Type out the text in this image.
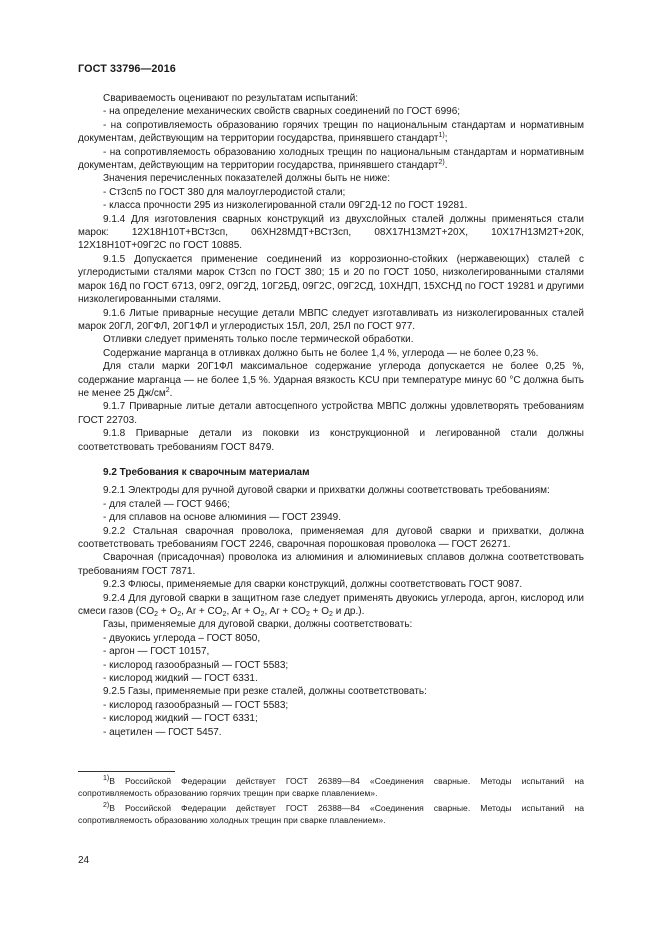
ГОСТ 33796—2016

Свариваемость оценивают по результатам испытаний:

- на определение механических свойств сварных соединений по ГОСТ 6996;

- на сопротивляемость образованию горячих трещин по национальным стандартам и нормативным документам, действующим на территории государства, принявшего стандарт$^{1)}$;

- на сопротивляемость образованию холодных трещин по национальным стандартам и нормативным документам, действующим на территории государства, принявшего стандарт$^{2)}$.

Значения перечисленных показателей должны быть не ниже:

- Ст3сп5 по ГОСТ 380 для малоуглеродистой стали;

- класса прочности 295 из низколегированной стали 09Г2Д-12 по ГОСТ 19281.

9.1.4 Для изготовления сварных конструкций из двухслойных сталей должны применяться стали марок: 12Х18Н10Т+ВСт3сп, 06ХН28МДТ+ВСт3сп, 08Х17Н13М2Т+20Х, 10Х17Н13М2Т+20К, 12Х18Н10Т+09Г2С по ГОСТ 10885.

9.1.5 Допускается применение соединений из коррозионно-стойких (нержавеющих) сталей с углеродистыми сталями марок Ст3сп по ГОСТ 380; 15 и 20 по ГОСТ 1050, низколегированными сталями марок 16Д по ГОСТ 6713, 09Г2, 09Г2Д, 10Г2БД, 09Г2С, 09Г2СД, 10ХНДП, 15ХСНД по ГОСТ 19281 и другими низколегированными сталями.

9.1.6 Литые приварные несущие детали МВПС следует изготавливать из низколегированных сталей марок 20ГЛ, 20ГФЛ, 20Г1ФЛ и углеродистых 15Л, 20Л, 25Л по ГОСТ 977.

Отливки следует применять только после термической обработки.

Содержание марганца в отливках должно быть не более 1,4 %, углерода — не более 0,23 %.

Для стали марки 20Г1ФЛ максимальное содержание углерода допускается не более 0,25 %, содержание марганца — не более 1,5 %. Ударная вязкость KCU при температуре минус 60 °С должна быть не менее 25 $Дж/см^2$.

9.1.7 Приварные литые детали автосцепного устройства МВПС должны удовлетворять требованиям ГОСТ 22703.

9.1.8 Приварные детали из поковки из конструкционной и легированной стали должны соответствовать требованиям ГОСТ 8479.

9.2 Требования к сварочным материалам

9.2.1 Электроды для ручной дуговой сварки и прихватки должны соответствовать требованиям:

- для сталей — ГОСТ 9466;

- для сплавов на основе алюминия — ГОСТ 23949.

9.2.2 Стальная сварочная проволока, применяемая для дуговой сварки и прихватки, должна соответствовать требованиям ГОСТ 2246, сварочная порошковая проволока — ГОСТ 26271.

Сварочная (присадочная) проволока из алюминия и алюминиевых сплавов должна соответствовать требованиям ГОСТ 7871.

9.2.3 Флюсы, применяемые для сварки конструкций, должны соответствовать ГОСТ 9087.

9.2.4 Для дуговой сварки в защитном газе следует применять двуокись углерода, аргон, кислород или смеси газов ($CO_2 + O_2$, $Ar + CO_2$, $Ar + O_2$, $Ar + CO_2 + O_2$ и др.).

Газы, применяемые для дуговой сварки, должны соответствовать:

- двуокись углерода – ГОСТ 8050,

- аргон — ГОСТ 10157,

- кислород газообразный — ГОСТ 5583;

- кислород жидкий — ГОСТ 6331.

9.2.5 Газы, применяемые при резке сталей, должны соответствовать:

- кислород газообразный — ГОСТ 5583;

- кислород жидкий — ГОСТ 6331;

- ацетилен — ГОСТ 5457.

$^{1)}$В Российской Федерации действует ГОСТ 26389—84 «Соединения сварные. Методы испытаний на сопротивляемость образованию горячих трещин при сварке плавлением».

$^{2)}$В Российской Федерации действует ГОСТ 26388—84 «Соединения сварные. Методы испытаний на сопротивляемость образованию холодных трещин при сварке плавлением».

24
